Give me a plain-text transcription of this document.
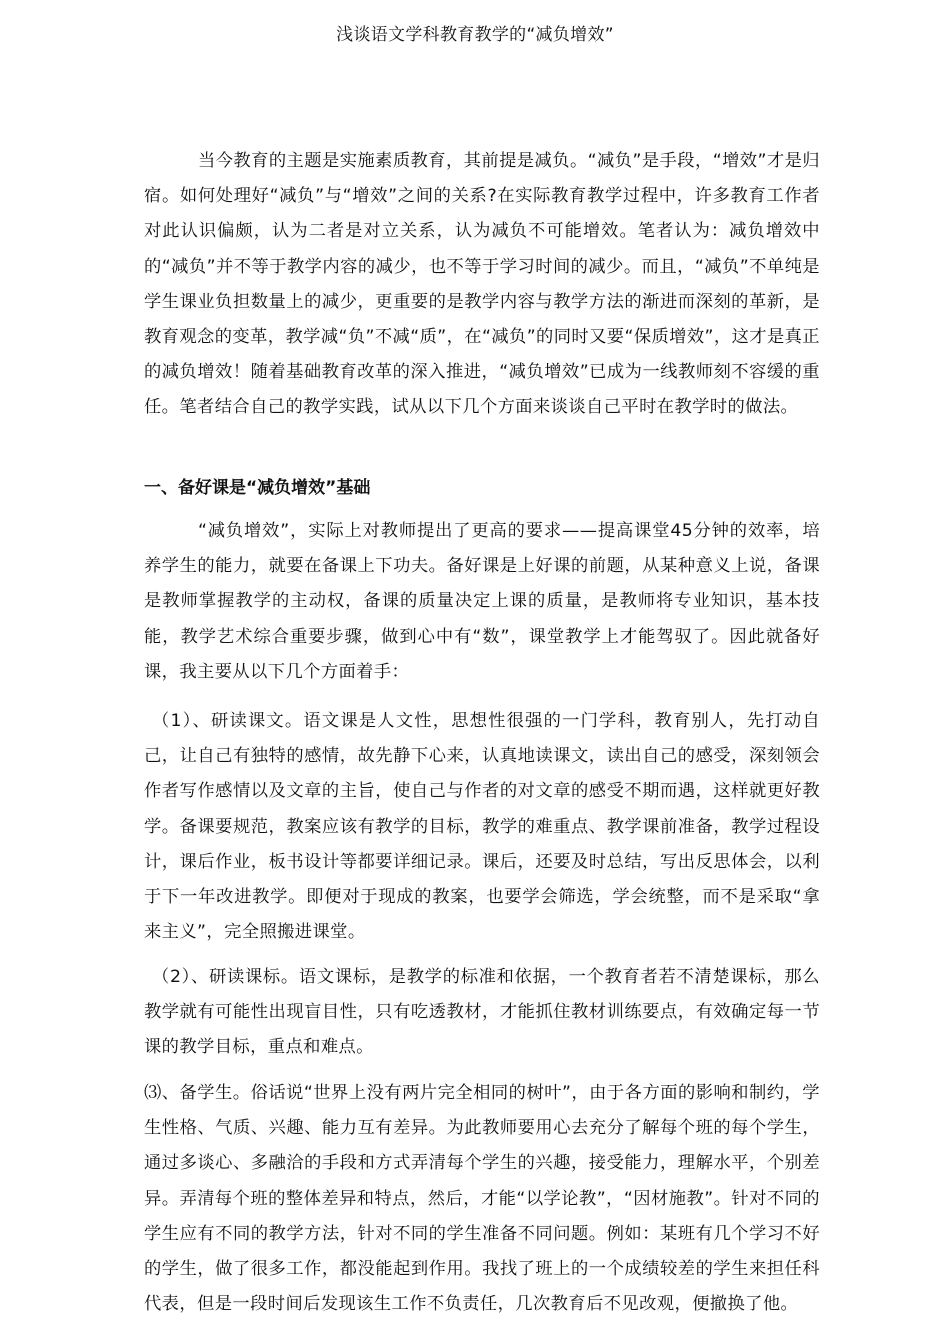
浅谈语文学科教育教学的“减负增效”

当今教育的主题是实施素质教育，其前提是减负。“减负”是手段，“增效”才是归宿。如何处理好“减负”与“增效”之间的关系?在实际教育教学过程中，许多教育工作者对此认识偏颇，认为二者是对立关系，认为减负不可能增效。笔者认为：减负增效中的“减负”并不等于教学内容的减少，也不等于学习时间的减少。而且，“减负”不单纯是学生课业负担数量上的减少，更重要的是教学内容与教学方法的渐进而深刻的革新，是教育观念的变革，教学减“负”不减“质”，在“减负”的同时又要“保质增效”，这才是真正的减负增效！随着基础教育改革的深入推进，“减负增效”已成为一线教师刻不容缓的重任。笔者结合自己的教学实践，试从以下几个方面来谈谈自己平时在教学时的做法。

一、备好课是“减负增效”基础

“减负增效”，实际上对教师提出了更高的要求——提高课堂45分钟的效率，培养学生的能力，就要在备课上下功夫。备好课是上好课的前题，从某种意义上说，备课是教师掌握教学的主动权，备课的质量决定上课的质量，是教师将专业知识，基本技能，教学艺术综合重要步骤，做到心中有“数”，课堂教学上才能驾驭了。因此就备好课，我主要从以下几个方面着手：

（1）、研读课文。语文课是人文性，思想性很强的一门学科，教育别人，先打动自己，让自己有独特的感情，故先静下心来，认真地读课文，读出自己的感受，深刻领会作者写作感情以及文章的主旨，使自己与作者的对文章的感受不期而遇，这样就更好教学。备课要规范，教案应该有教学的目标，教学的难重点、教学课前准备，教学过程设计，课后作业，板书设计等都要详细记录。课后，还要及时总结，写出反思体会，以利于下一年改进教学。即便对于现成的教案，也要学会筛选，学会统整，而不是采取“拿来主义”，完全照搬进课堂。

（2）、研读课标。语文课标，是教学的标准和依据，一个教育者若不清楚课标，那么教学就有可能性出现盲目性，只有吃透教材，才能抓住教材训练要点，有效确定每一节课的教学目标，重点和难点。

⑶、备学生。俗话说“世界上没有两片完全相同的树叶”，由于各方面的影响和制约，学生性格、气质、兴趣、能力互有差异。为此教师要用心去充分了解每个班的每个学生，通过多谈心、多融洽的手段和方式弄清每个学生的兴趣，接受能力，理解水平，个别差异。弄清每个班的整体差异和特点，然后，才能“以学论教”，“因材施教”。针对不同的学生应有不同的教学方法，针对不同的学生准备不同问题。例如：某班有几个学习不好的学生，做了很多工作，都没能起到作用。我找了班上的一个成绩较差的学生来担任科代表，但是一段时间后发现该生工作不负责任，几次教育后不见改观，便撤换了他。
